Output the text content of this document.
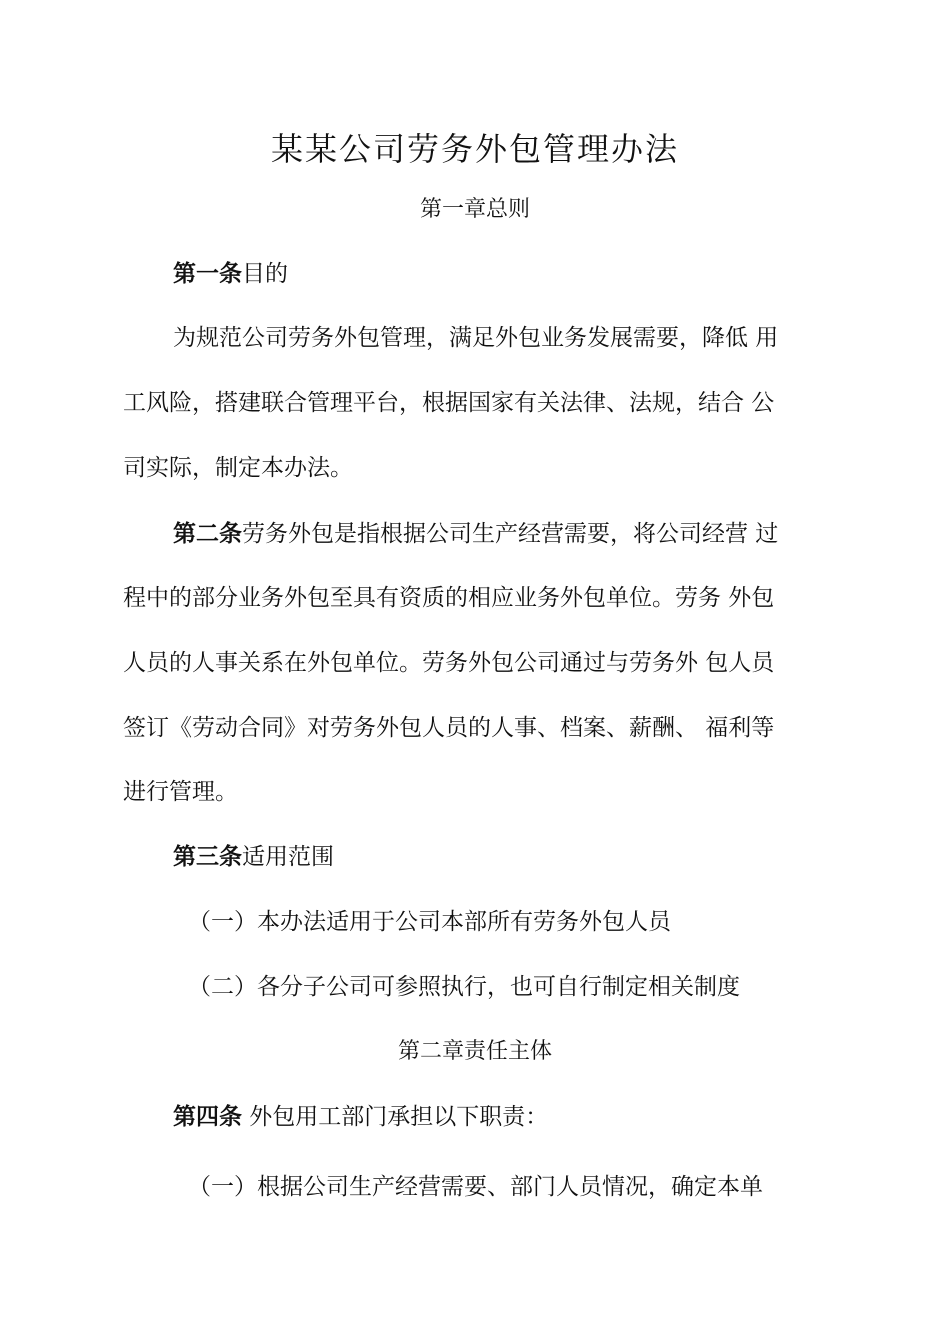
某某公司劳务外包管理办法
第一章总则
第一条目的
为规范公司劳务外包管理，满足外包业务发展需要，降低 用
工风险，搭建联合管理平台，根据国家有关法律、法规，结合 公
司实际，制定本办法。
第二条劳务外包是指根据公司生产经营需要，将公司经营 过
程中的部分业务外包至具有资质的相应业务外包单位。劳务 外包
人员的人事关系在外包单位。劳务外包公司通过与劳务外 包人员
签订《劳动合同》对劳务外包人员的人事、档案、薪酬、 福利等
进行管理。
第三条适用范围
（一）本办法适用于公司本部所有劳务外包人员
（二）各分子公司可参照执行，也可自行制定相关制度
第二章责任主体
第四条 外包用工部门承担以下职责：
（一）根据公司生产经营需要、部门人员情况，确定本单
